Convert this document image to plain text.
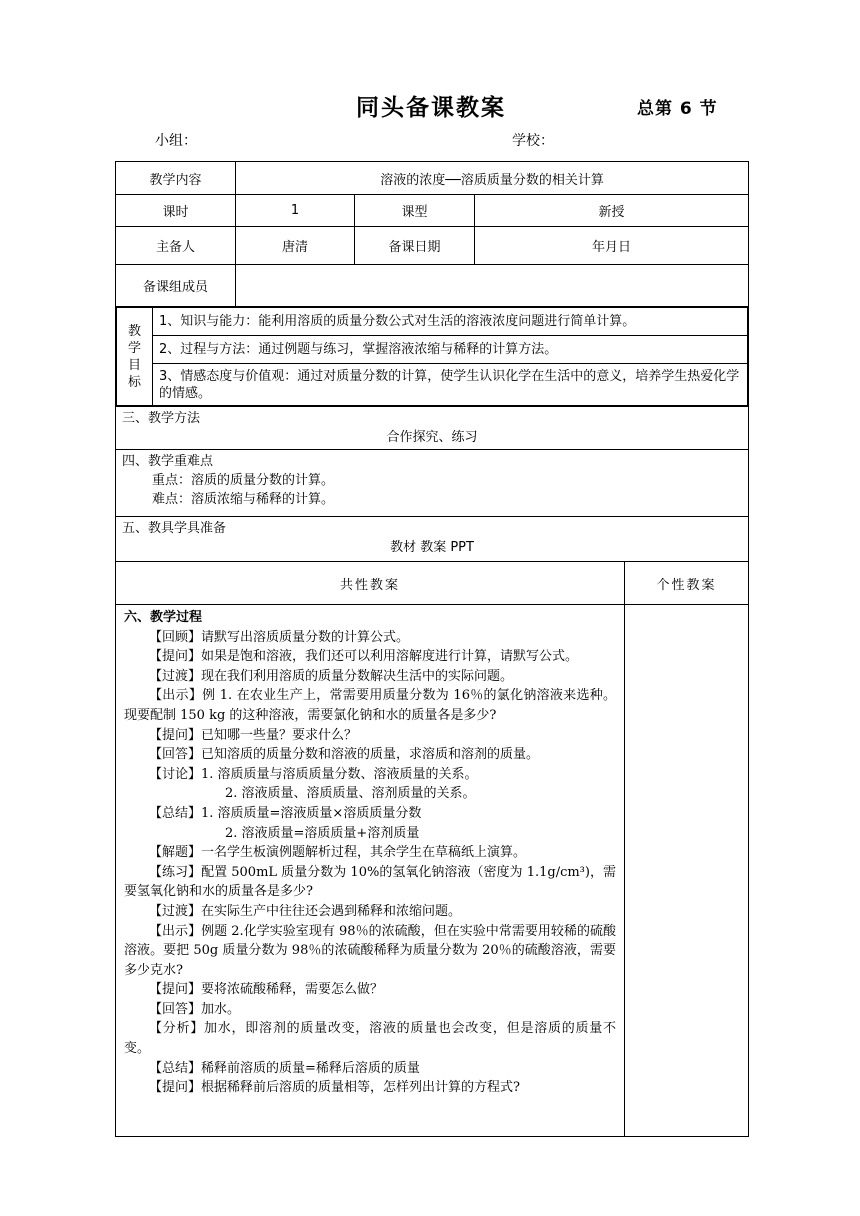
同头备课教案	总第 6 节
小组：	学校：
教学内容	溶液的浓度──溶质质量分数的相关计算
课时	1	课型	新授
主备人	唐清	备课日期	年月日
备课组成员	

教
学
目
标
	1、知识与能力：能利用溶质的质量分数公式对生活的溶液浓度问题进行简单计算。
2、过程与方法：通过例题与练习，掌握溶液浓缩与稀释的计算方法。
3、情感态度与价值观：通过对质量分数的计算，使学生认识化学在生活中的意义，培养学生热爱化学的情感。

三、教学方法
合作探究、练习

四、教学重难点
重点：溶质的质量分数的计算。
难点：溶质浓缩与稀释的计算。

五、教具学具准备
教材 教案 PPT

共性教案	个性教案

六、教学过程

【回顾】请默写出溶质质量分数的计算公式。

【提问】如果是饱和溶液，我们还可以利用溶解度进行计算，请默写公式。

【过渡】现在我们利用溶质的质量分数解决生活中的实际问题。

【出示】例 1. 在农业生产上，常需要用质量分数为 16％的氯化钠溶液来选种。现要配制 150 kg 的这种溶液，需要氯化钠和水的质量各是多少?

【提问】已知哪一些量？要求什么？

【回答】已知溶质的质量分数和溶液的质量，求溶质和溶剂的质量。

【讨论】1. 溶质质量与溶质质量分数、溶液质量的关系。

2. 溶液质量、溶质质量、溶剂质量的关系。

【总结】1. 溶质质量=溶液质量×溶质质量分数

2. 溶液质量=溶质质量+溶剂质量

【解题】一名学生板演例题解析过程，其余学生在草稿纸上演算。

【练习】配置 500mL 质量分数为 10%的氢氧化钠溶液（密度为 1.1g/cm³)，需要氢氧化钠和水的质量各是多少?

【过渡】在实际生产中往往还会遇到稀释和浓缩问题。

【出示】例题 2.化学实验室现有 98％的浓硫酸，但在实验中常需要用较稀的硫酸溶液。要把 50g 质量分数为 98％的浓硫酸稀释为质量分数为 20％的硫酸溶液，需要多少克水?

【提问】要将浓硫酸稀释，需要怎么做？

【回答】加水。

【分析】加水，即溶剂的质量改变，溶液的质量也会改变，但是溶质的质量不变。

【总结】稀释前溶质的质量=稀释后溶质的质量

【提问】根据稀释前后溶质的质量相等，怎样列出计算的方程式?
